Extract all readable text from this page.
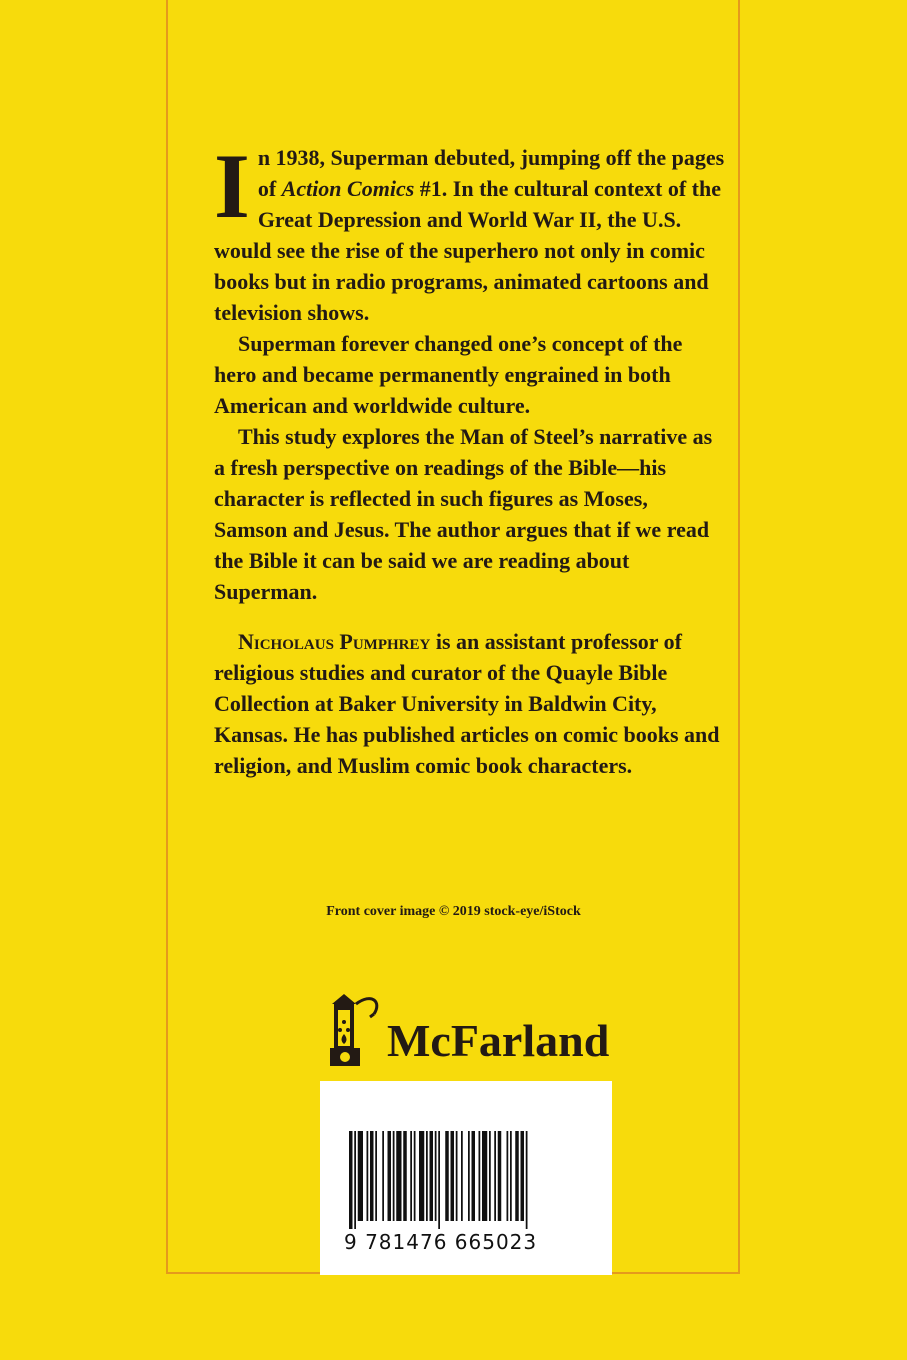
In 1938, Superman debuted, jumping off the pages of Action Comics #1. In the cultural context of the Great Depression and World War II, the U.S. would see the rise of the superhero not only in comic books but in radio programs, animated cartoons and television shows.

Superman forever changed one’s concept of the hero and became permanently engrained in both American and worldwide culture.

This study explores the Man of Steel’s narrative as a fresh perspective on readings of the Bible—his character is reflected in such figures as Moses, Samson and Jesus. The author argues that if we read the Bible it can be said we are reading about Superman.

Nicholaus Pumphrey is an assistant professor of religious studies and curator of the Quayle Bible Collection at Baker University in Baldwin City, Kansas. He has published articles on comic books and religion, and Muslim comic book characters.

Front cover image © 2019 stock-eye/iStock
McFarland
9 781476 665023
